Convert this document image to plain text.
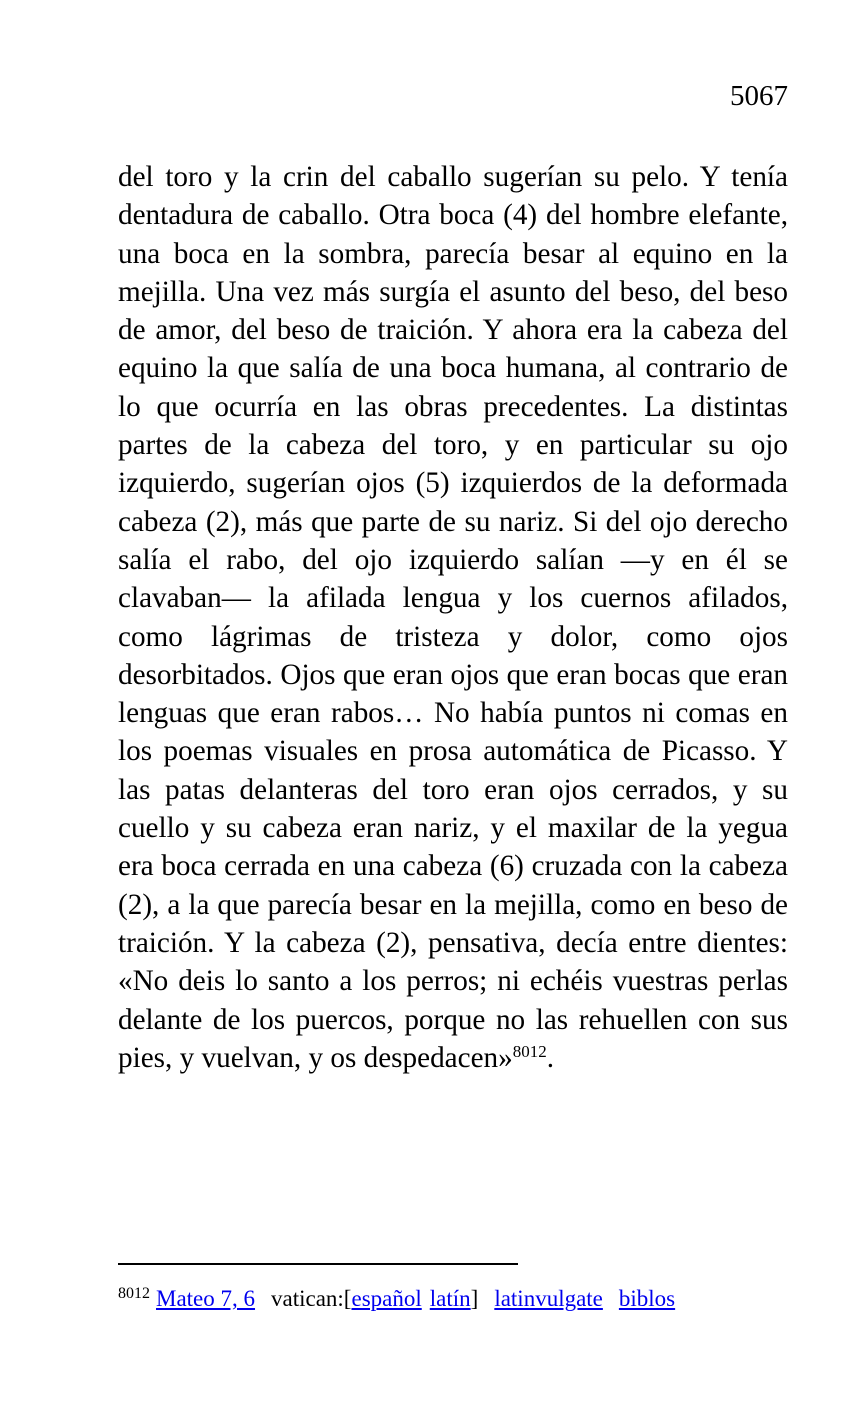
5067

del toro y la crin del caballo sugerían su pelo. Y tenía dentadura de caballo. Otra boca (4) del hombre elefante, una boca en la sombra, parecía besar al equino en la mejilla. Una vez más surgía el asunto del beso, del beso de amor, del beso de traición. Y ahora era la cabeza del equino la que salía de una boca humana, al contrario de lo que ocurría en las obras precedentes. La distintas partes de la cabeza del toro, y en particular su ojo izquierdo, sugerían ojos (5) izquierdos de la deformada cabeza (2), más que parte de su nariz. Si del ojo derecho salía el rabo, del ojo izquierdo salían —y en él se clavaban— la afilada lengua y los cuernos afilados, como lágrimas de tristeza y dolor, como ojos desorbitados. Ojos que eran ojos que eran bocas que eran lenguas que eran rabos… No había puntos ni comas en los poemas visuales en prosa automática de Picasso. Y las patas delanteras del toro eran ojos cerrados, y su cuello y su cabeza eran nariz, y el maxilar de la yegua era boca cerrada en una cabeza (6) cruzada con la cabeza (2), a la que parecía besar en la mejilla, como en beso de traición. Y la cabeza (2), pensativa, decía entre dientes: «No deis lo santo a los perros; ni echéis vuestras perlas delante de los puercos, porque no las rehuellen con sus pies, y vuelvan, y os despedacen»$^{8012}$.

$^{8012}$ Mateo 7, 6 vatican:[español latín] latinvulgate biblos
